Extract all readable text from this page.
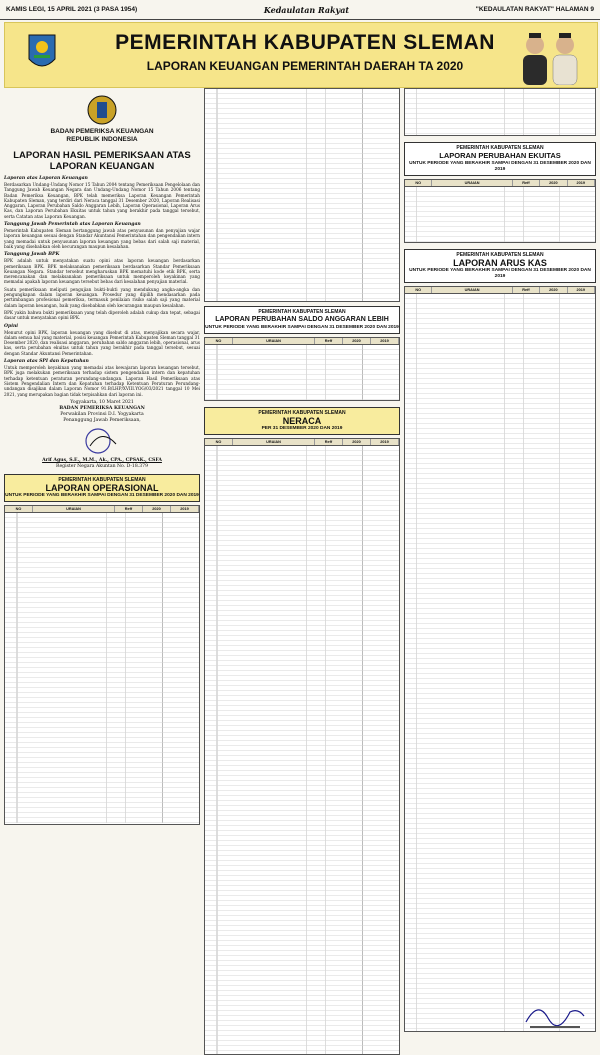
KAMIS LEGI, 15 APRIL 2021 (3 PASA 1954)	Kedaulatan Rakyat	"KEDAULATAN RAKYAT" HALAMAN 9
PEMERINTAH KABUPATEN SLEMAN
LAPORAN KEUANGAN PEMERINTAH DAERAH TA 2020
BADAN PEMERIKSA KEUANGAN
REPUBLIK INDONESIA
LAPORAN HASIL PEMERIKSAAN ATAS LAPORAN KEUANGAN
Laporan atas Laporan Keuangan

Berdasarkan Undang-Undang Nomor 15 Tahun 2004 tentang Pemeriksaan Pengelolaan dan Tanggung Jawab Keuangan Negara dan Undang-Undang Nomor 15 Tahun 2006 tentang Badan Pemeriksa Keuangan, BPK telah memeriksa Laporan Keuangan Pemerintah Kabupaten Sleman, yang terdiri dari Neraca tanggal 31 Desember 2020, Laporan Realisasi Anggaran, Laporan Perubahan Saldo Anggaran Lebih, Laporan Operasional, Laporan Arus Kas, dan Laporan Perubahan Ekuitas untuk tahun yang berakhir pada tanggal tersebut, serta Catatan atas Laporan Keuangan.

Tanggung Jawab Pemerintah atas Laporan Keuangan

Pemerintah Kabupaten Sleman bertanggung jawab atas penyusunan dan penyajian wajar laporan keuangan sesuai dengan Standar Akuntansi Pemerintahan dan pengendalian intern yang memadai untuk penyusunan laporan keuangan yang bebas dari salah saji material, baik yang disebabkan oleh kecurangan maupun kesalahan.

Tanggung Jawab BPK

BPK adalah untuk menyatakan suatu opini atas laporan keuangan berdasarkan pemeriksaan BPK. BPK melaksanakan pemeriksaan berdasarkan Standar Pemeriksaan Keuangan Negara. Standar tersebut mengharuskan BPK mematuhi kode etik BPK, serta merencanakan dan melaksanakan pemeriksaan untuk memperoleh keyakinan yang memadai apakah laporan keuangan tersebut bebas dari kesalahan penyajian material.

Suatu pemeriksaan meliputi pengujian bukti-bukti yang mendukung angka-angka dan pengungkapan dalam laporan keuangan. Prosedur yang dipilih mendasarkan pada pertimbangan profesional pemeriksa, termasuk penilaian risiko salah saji yang material dalam laporan keuangan, baik yang disebabkan oleh kecurangan maupun kesalahan.

BPK yakin bahwa bukti pemeriksaan yang telah diperoleh adalah cukup dan tepat, sebagai dasar untuk menyatakan opini BPK.

Opini

Menurut opini BPK, laporan keuangan yang disebut di atas, menyajikan secara wajar, dalam semua hal yang material, posisi keuangan Pemerintah Kabupaten Sleman tanggal 31 Desember 2020, dan realisasi anggaran, perubahan saldo anggaran lebih, operasional, arus kas, serta perubahan ekuitas untuk tahun yang berakhir pada tanggal tersebut, sesuai dengan Standar Akuntansi Pemerintahan.

Laporan atas SPI dan Kepatuhan

Untuk memperoleh keyakinan yang memadai atas kewajaran laporan keuangan tersebut, BPK juga melakukan pemeriksaan terhadap sistem pengendalian intern dan kepatuhan terhadap ketentuan peraturan perundang-undangan. Laporan Hasil Pemeriksaan atas Sistem Pengendalian Intern dan Kepatuhan terhadap Ketentuan Peraturan Perundang-undangan disajikan dalam Laporan Nomor 91.B/LHP/XVIII.YOG/03/2021 tanggal 10 Mei 2021, yang merupakan bagian tidak terpisahkan dari laporan ini.

Yogyakarta, 10 Maret 2021
BADAN PEMERIKSA KEUANGAN
Perwakilan Provinsi D.I. Yogyakarta
Penanggung Jawab Pemeriksaan,
Arif Agus, S.E., M.M., Ak., CPA., CPSAK., CSFA
Register Negara Akuntan No. D-18.379
PEMERINTAH KABUPATEN SLEMAN
LAPORAN OPERASIONAL
UNTUK PERIODE YANG BERAKHIR SAMPAI DENGAN 31 DESEMBER 2020 DAN 2019
NO	URAIAN	Reff	2020	2019
PEMERINTAH KABUPATEN SLEMAN
LAPORAN PERUBAHAN SALDO ANGGARAN LEBIH
UNTUK PERIODE YANG BERAKHIR SAMPAI DENGAN 31 DESEMBER 2020 DAN 2019
NO	URAIAN	Reff	2020	2019
PEMERINTAH KABUPATEN SLEMAN
NERACA
PER 31 DESEMBER 2020 DAN 2019
NO	URAIAN	Reff	2020	2019
PEMERINTAH KABUPATEN SLEMAN
LAPORAN PERUBAHAN EKUITAS
UNTUK PERIODE YANG BERAKHIR SAMPAI DENGAN 31 DESEMBER 2020 DAN 2019
NO	URAIAN	Reff	2020	2019
PEMERINTAH KABUPATEN SLEMAN
LAPORAN ARUS KAS
UNTUK PERIODE YANG BERAKHIR SAMPAI DENGAN 31 DESEMBER 2020 DAN 2019
NO	URAIAN	Reff	2020	2019
